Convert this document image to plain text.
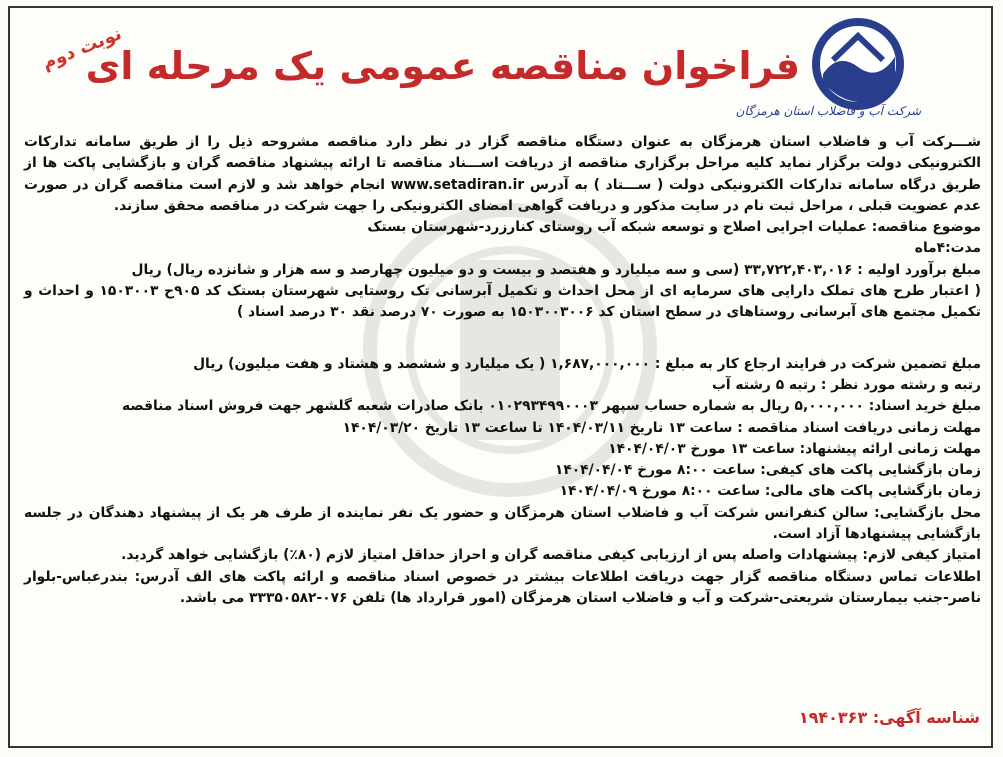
شرکت آب و فاضلاب استان هرمزگان
فراخوان مناقصه عمومی یک مرحله ای
نوبت دوم

شـــرکت آب و فاضلاب استان هرمزگان به عنوان دستگاه مناقصه گزار در نظر دارد مناقصه مشروحه ذیل را از طریق سامانه تدارکات الکترونیکی دولت برگزار نماید کلیه مراحل برگزاری مناقصه از دریافت اســـناد مناقصه تا ارائه پیشنهاد مناقصه گران و بازگشایی پاکت ها از طریق درگاه سامانه تدارکات الکترونیکی دولت ( ســـتاد ) به آدرس www.setadiran.ir انجام خواهد شد و لازم است مناقصه گران در صورت عدم عضویت قبلی ، مراحل ثبت نام در سایت مذکور و دریافت گواهی امضای الکترونیکی را جهت شرکت در مناقصه محقق سازند.

موضوع مناقصه: عملیات اجرایی اصلاح و توسعه شبکه آب روستای کنارزرد-شهرستان بستک

مدت:۴ماه

مبلغ برآورد اولیه : ۳۳,۷۲۲,۴۰۳,۰۱۶ (سی و سه میلیارد و هفتصد و بیست و دو میلیون چهارصد و سه هزار و شانزده ریال) ریال

( اعتبار طرح های تملک دارایی های سرمایه ای از محل احداث و تکمیل آبرسانی تک روستایی شهرستان بستک کد ۹۰۵ح ۱۵۰۳۰۰۳ و احداث و تکمیل مجتمع های آبرسانی روستاهای در سطح استان کد ۱۵۰۳۰۰۳۰۰۶ به صورت ۷۰ درصد نقد ۳۰ درصد اسناد )

مبلغ تضمین شرکت در فرایند ارجاع کار به مبلغ : ۱,۶۸۷,۰۰۰,۰۰۰ ( یک میلیارد و ششصد و هشتاد و هفت میلیون) ریال

رتبه و رشته مورد نظر : رتبه ۵ رشته آب

مبلغ خرید اسناد: ۵,۰۰۰,۰۰۰ ریال به شماره حساب سپهر ۰۱۰۲۹۳۴۹۹۰۰۰۳ بانک صادرات شعبه گلشهر جهت فروش اسناد مناقصه

مهلت زمانی دریافت اسناد مناقصه : ساعت ۱۳ تاریخ ۱۴۰۴/۰۳/۱۱ تا ساعت ۱۳ تاریخ ۱۴۰۴/۰۳/۲۰

مهلت زمانی ارائه پیشنهاد: ساعت ۱۳ مورخ ۱۴۰۴/۰۴/۰۳

زمان بازگشایی پاکت های کیفی: ساعت ۸:۰۰ مورخ ۱۴۰۴/۰۴/۰۴

زمان بازگشایی پاکت های مالی: ساعت ۸:۰۰ مورخ ۱۴۰۴/۰۴/۰۹

محل بازگشایی: سالن کنفرانس شرکت آب و فاضلاب استان هرمزگان و حضور یک نفر نماینده از طرف هر یک از پیشنهاد دهندگان در جلسه بازگشایی پیشنهادها آزاد است.

امتیاز کیفی لازم: پیشنهادات واصله پس از ارزیابی کیفی مناقصه گران و احراز حداقل امتیاز لازم (۸۰٪) بازگشایی خواهد گردید.

اطلاعات تماس دستگاه مناقصه گزار جهت دریافت اطلاعات بیشتر در خصوص اسناد مناقصه و ارائه پاکت های الف آدرس: بندرعباس-بلوار ناصر-جنب بیمارستان شریعتی-شرکت و آب و فاضلاب استان هرمزگان (امور قرارداد ها) تلفن ۰۷۶-۳۳۳۵۰۵۸۲ می باشد.

شناسه آگهی: ۱۹۴۰۳۶۳
